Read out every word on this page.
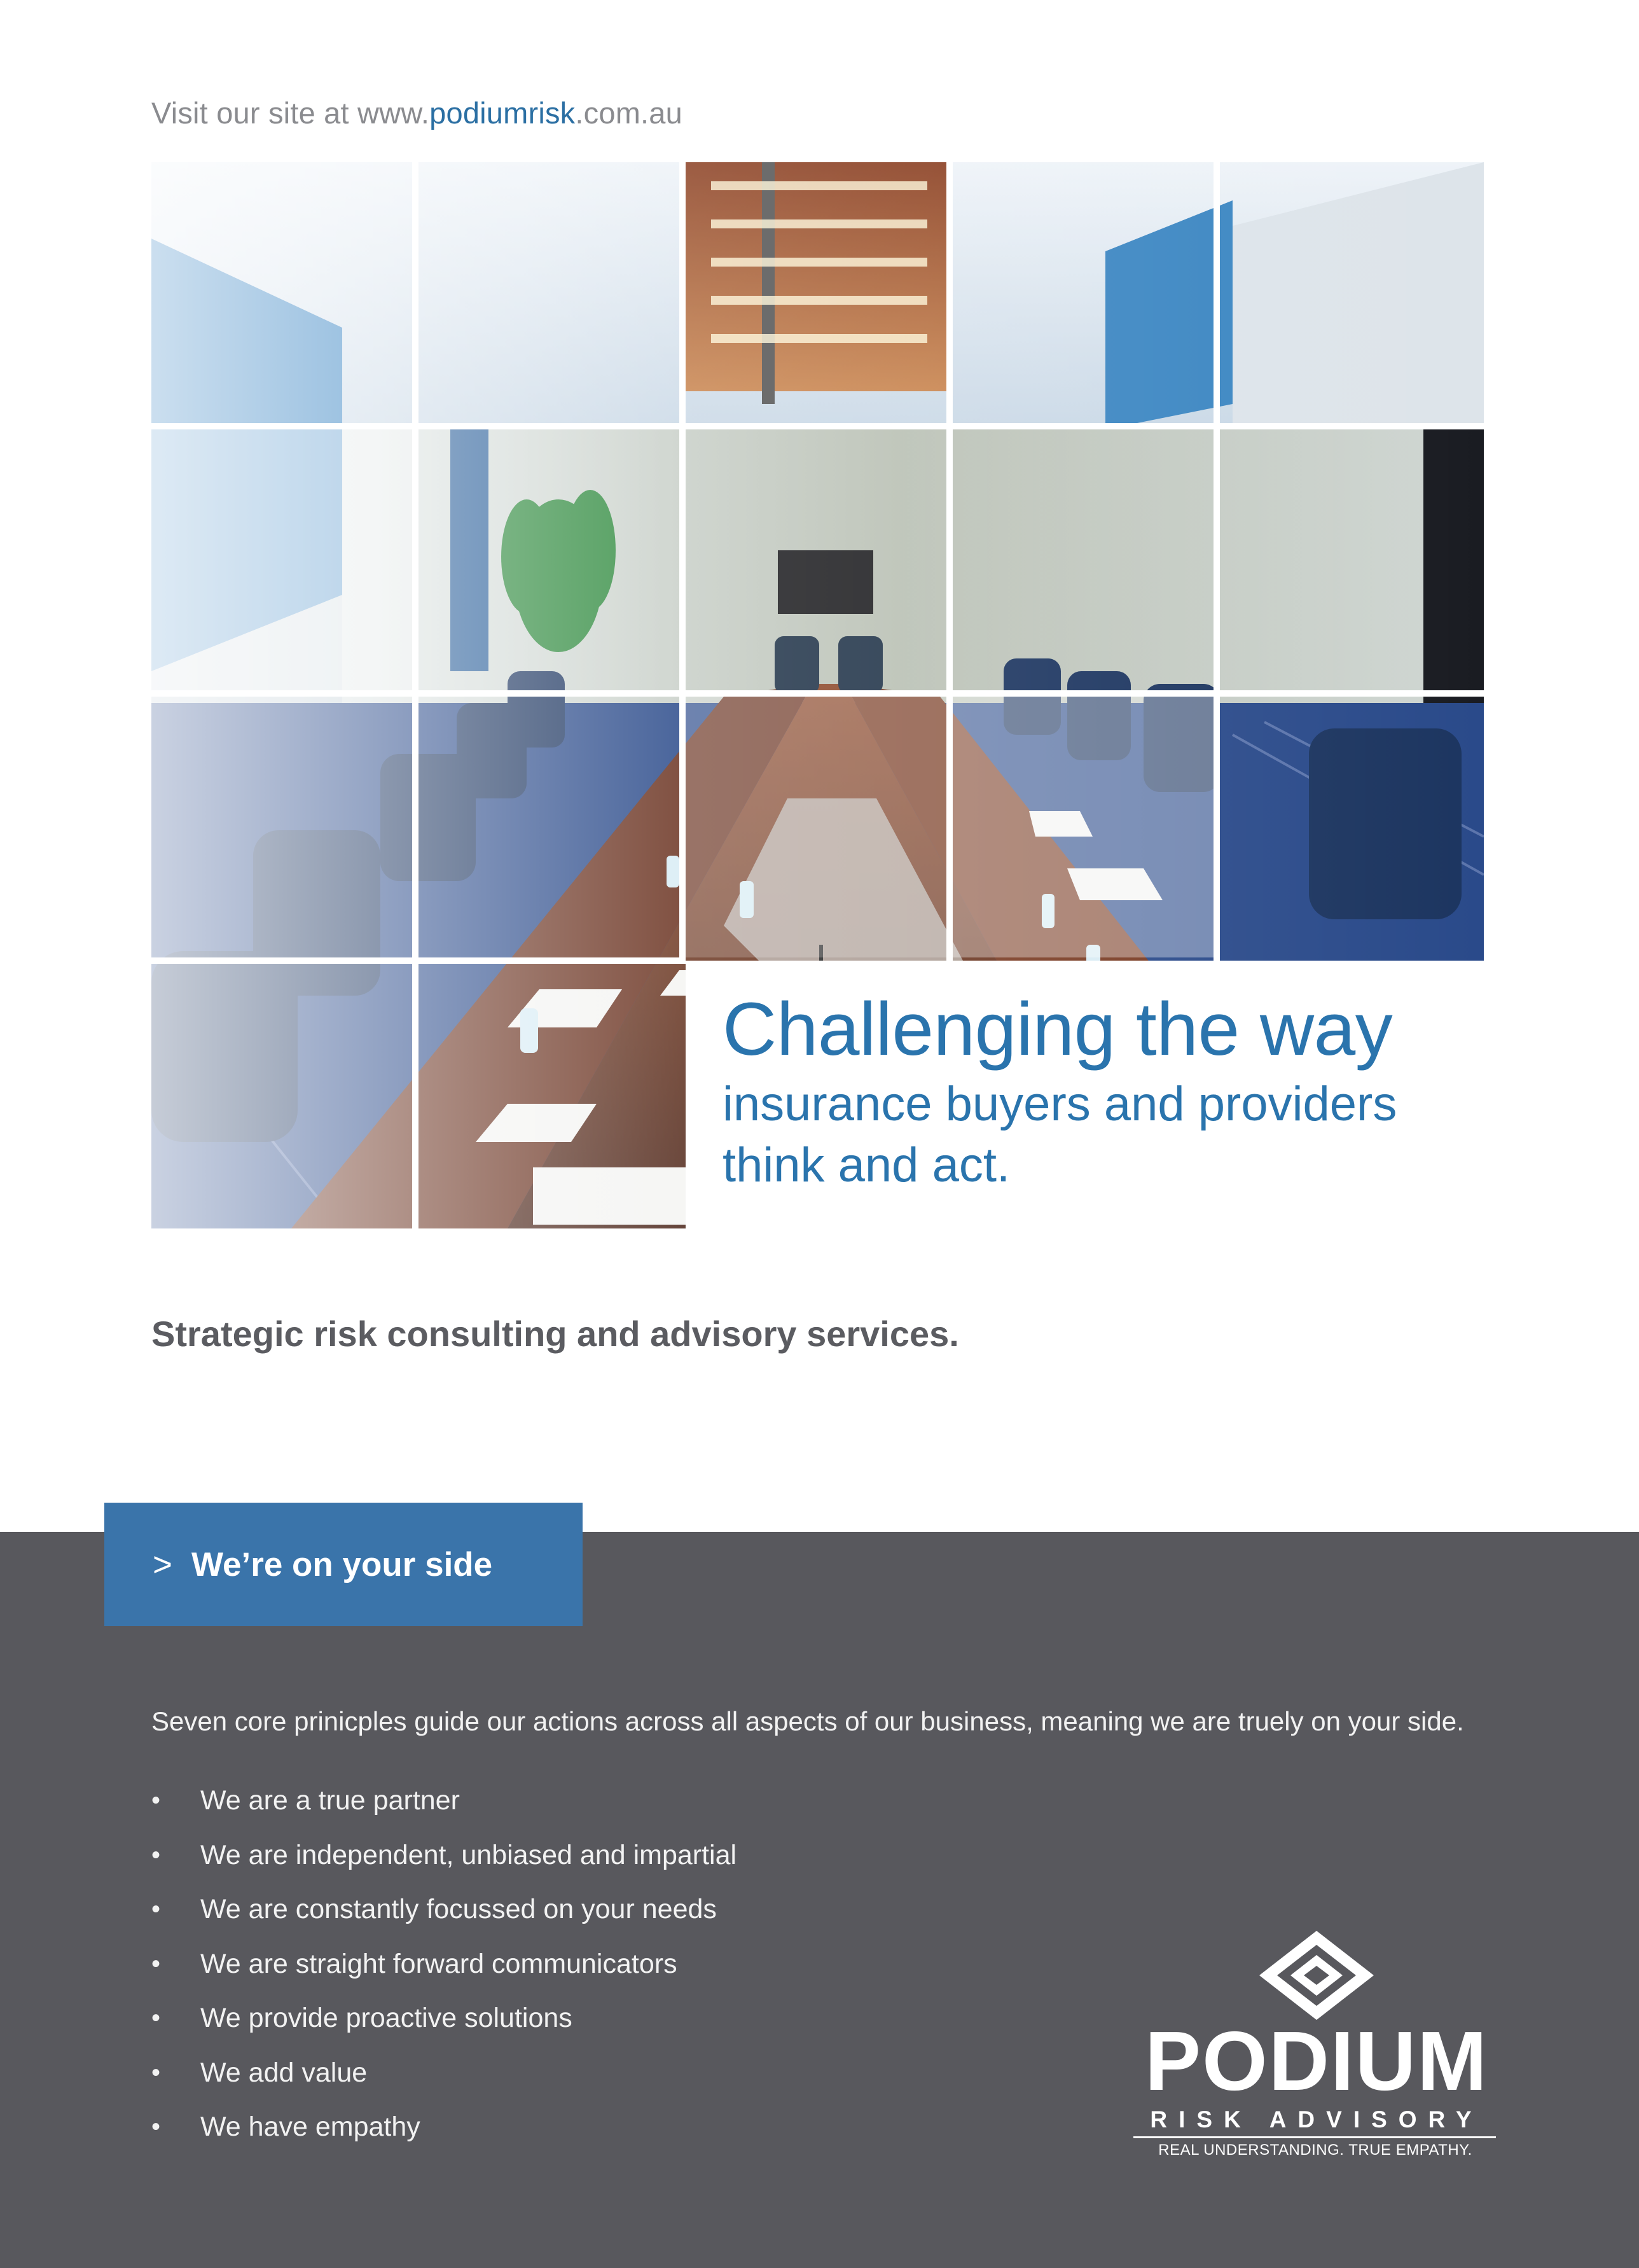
Visit our site at www.podiumrisk.com.au
Challenging the way
insurance buyers and providers
think and act.
Strategic risk consulting and advisory services.
> We’re on your side
Seven core prinicples guide our actions across all aspects of our business, meaning we are truely on your side.
• We are a true partner
• We are independent, unbiased and impartial
• We are constantly focussed on your needs
• We are straight forward communicators
• We provide proactive solutions
• We add value
• We have empathy
PODIUM
RISK ADVISORY
REAL UNDERSTANDING. TRUE EMPATHY.
